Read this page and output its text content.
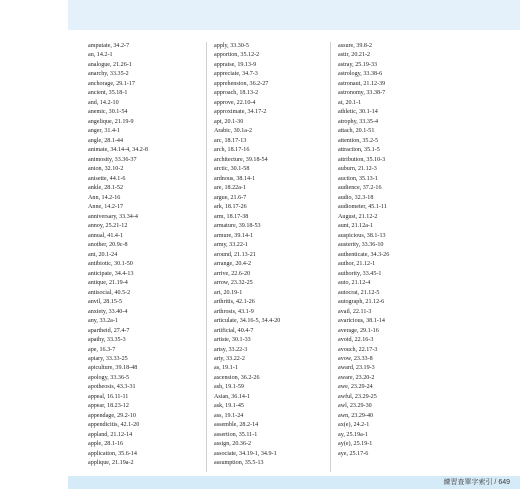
amputate, 34.2-7
an, 14.2-1
analogue, 21.26-1
anarchy, 33.35-2
anchorage, 29.1-17
ancient, 35.18-1
and, 14.2-10
anemic, 30.1-54
angelique, 21.19-9
anger, 31.4-1
angle, 28.1-44
animate, 34.14-4, 34.2-8
animosity, 33.36-37
anion, 32.10-2
anisette, 44.1-6
ankle, 28.1-52
Ann, 14.2-16
Anne, 14.2-17
anniversary, 33.34-4
annoy, 25.21-12
annual, 41.4-1
another, 20.9c-8
ant, 20.1-24
antibiotic, 30.1-50
anticipate, 34.4-13
antique, 21.19-4
antisocial, 40.5-2
anvil, 28.15-5
anxiety, 33.40-4
any, 33.2a-1
apartheid, 27.4-7
apathy, 33.35-3
ape, 16.3-7
apiary, 33.33-25
apiculture, 39.18-48
apology, 33.36-5
apotheosis, 43.3-31
appeal, 16.11-11
appear, 18.23-12
appendage, 29.2-10
appendicitis, 42.1-20
appland, 21.12-14
apple, 28.1-16
application, 35.6-14
applique, 21.19a-2
apply, 33.30-5
apportion, 35.12-2
appraise, 19.13-9
appreciate, 34.7-3
apprehension, 36.2-27
approach, 18.13-2
approve, 22.10-4
approximate, 34.17-2
apt, 20.1-30
Arabic, 30.1a-2
arc, 18.17-13
arch, 18.17-16
architecture, 39.18-54
arctic, 30.1-58
ardnous, 38.14-1
are, 18.22a-1
argue, 21.6-7
ark, 18.17-26
arm, 18.17-38
armature, 39.18-53
armure, 39.14-1
army, 33.22-1
around, 21.13-21
arrange, 20.4-2
arrive, 22.6-20
arrow, 23.32-25
art, 20.19-1
arthritis, 42.1-26
arthrosis, 43.1-9
articulate, 34.16-5, 34.4-20
artificial, 40.4-7
artiste, 30.1-33
artsy, 33.22-3
arty, 33.22-2
as, 19.1-1
ascension, 36.2-26
ash, 19.1-59
Asian, 36.14-1
ask, 19.1-45
ass, 19.1-24
assemble, 28.2-14
assertion, 35.11-1
assign, 20.36-2
associate, 34.19-1, 34.9-1
assumption, 35.5-13
assure, 39.8-2
astir, 20.21-2
astray, 25.19-33
astrology, 33.38-6
astronaut, 21.12-39
astronomy, 33.38-7
at, 20.1-1
athletic, 30.1-14
atrophy, 33.35-4
attach, 20.1-51
attention, 35.2-5
attraction, 35.1-5
attribution, 35.10-3
auburn, 21.12-3
auction, 35.13-1
audience, 37.2-16
audio, 32.3-18
audiometer, 45.1-11
August, 21.12-2
aunt, 21.12a-1
auspicious, 38.1-13
austerity, 33.36-10
authenticate, 34.3-26
author, 21.12-1
authority, 33.45-1
auto, 21.12-4
autocrat, 21.12-5
autograph, 21.12-6
avail, 22.11-3
avaricious, 38.1-14
average, 29.1-16
avoid, 22.16-3
avouch, 22.17-3
avow, 23.33-8
award, 23.19-3
aware, 23.20-2
awe, 23.29-24
awful, 23.29-25
awl, 23.29-30
awn, 23.29-40
ax(e), 24.2-1
ay, 25.19a-1
ay(e), 25.19-1
aye, 25.17-6
練習查單字索引 / 649
